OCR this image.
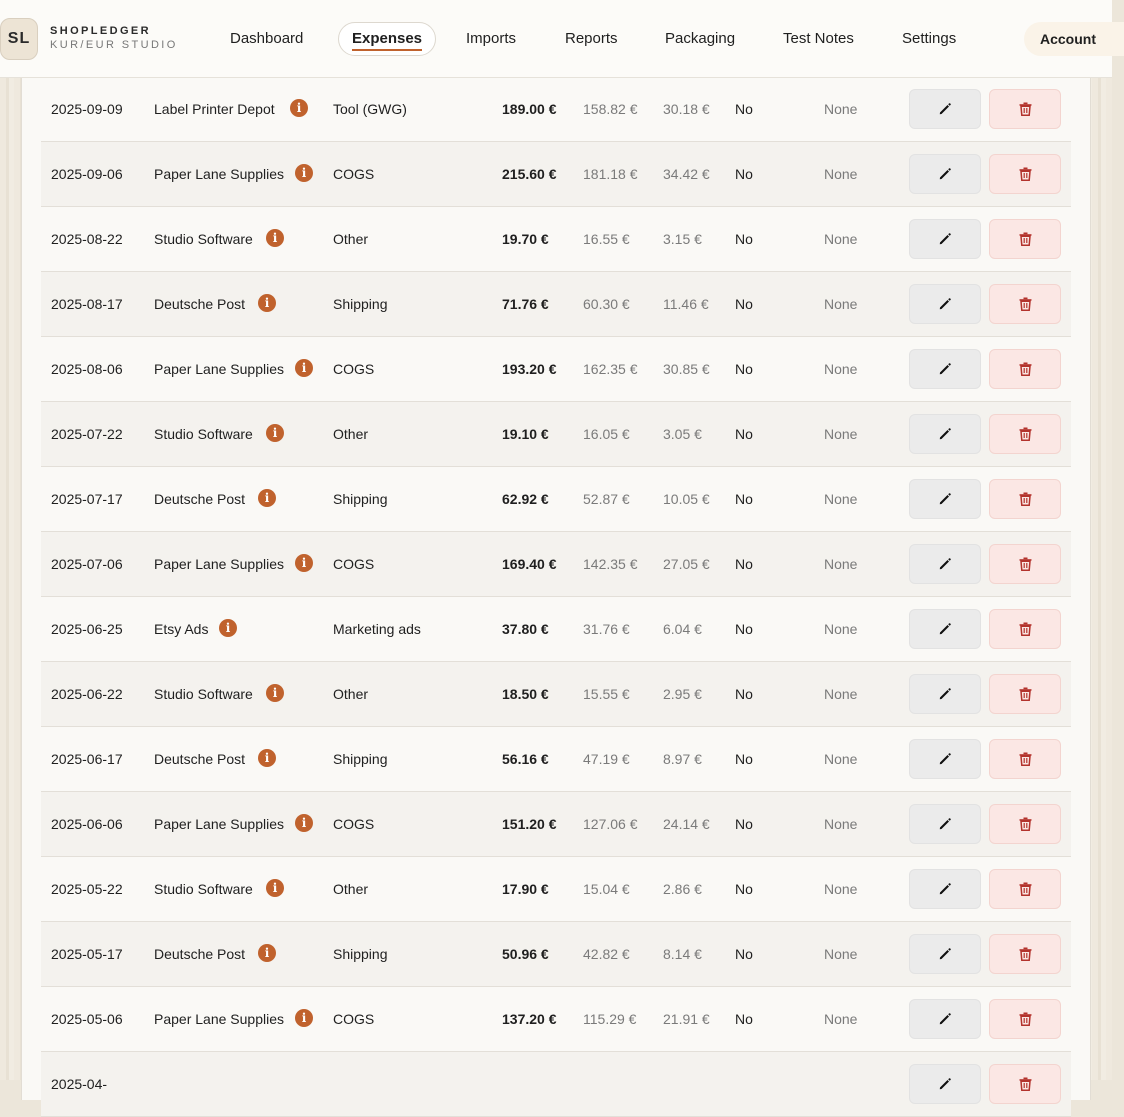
2025-09-09	Label Printer Depot	i	Tool (GWG)	189.00 €	158.82 €	30.18 €	No	None
2025-09-06	Paper Lane Supplies	i	COGS	215.60 €	181.18 €	34.42 €	No	None
2025-08-22	Studio Software	i	Other	19.70 €	16.55 €	3.15 €	No	None
2025-08-17	Deutsche Post	i	Shipping	71.76 €	60.30 €	11.46 €	No	None
2025-08-06	Paper Lane Supplies	i	COGS	193.20 €	162.35 €	30.85 €	No	None
2025-07-22	Studio Software	i	Other	19.10 €	16.05 €	3.05 €	No	None
2025-07-17	Deutsche Post	i	Shipping	62.92 €	52.87 €	10.05 €	No	None
2025-07-06	Paper Lane Supplies	i	COGS	169.40 €	142.35 €	27.05 €	No	None
2025-06-25	Etsy Ads	i	Marketing ads	37.80 €	31.76 €	6.04 €	No	None
2025-06-22	Studio Software	i	Other	18.50 €	15.55 €	2.95 €	No	None
2025-06-17	Deutsche Post	i	Shipping	56.16 €	47.19 €	8.97 €	No	None
2025-06-06	Paper Lane Supplies	i	COGS	151.20 €	127.06 €	24.14 €	No	None
2025-05-22	Studio Software	i	Other	17.90 €	15.04 €	2.86 €	No	None
2025-05-17	Deutsche Post	i	Shipping	50.96 €	42.82 €	8.14 €	No	None
2025-05-06	Paper Lane Supplies	i	COGS	137.20 €	115.29 €	21.91 €	No	None
2025-04-
SL	SHOPLEDGER
KUR/EUR STUDIO	Dashboard	Expenses	Imports	Reports	Packaging	Test Notes	Settings	Account
